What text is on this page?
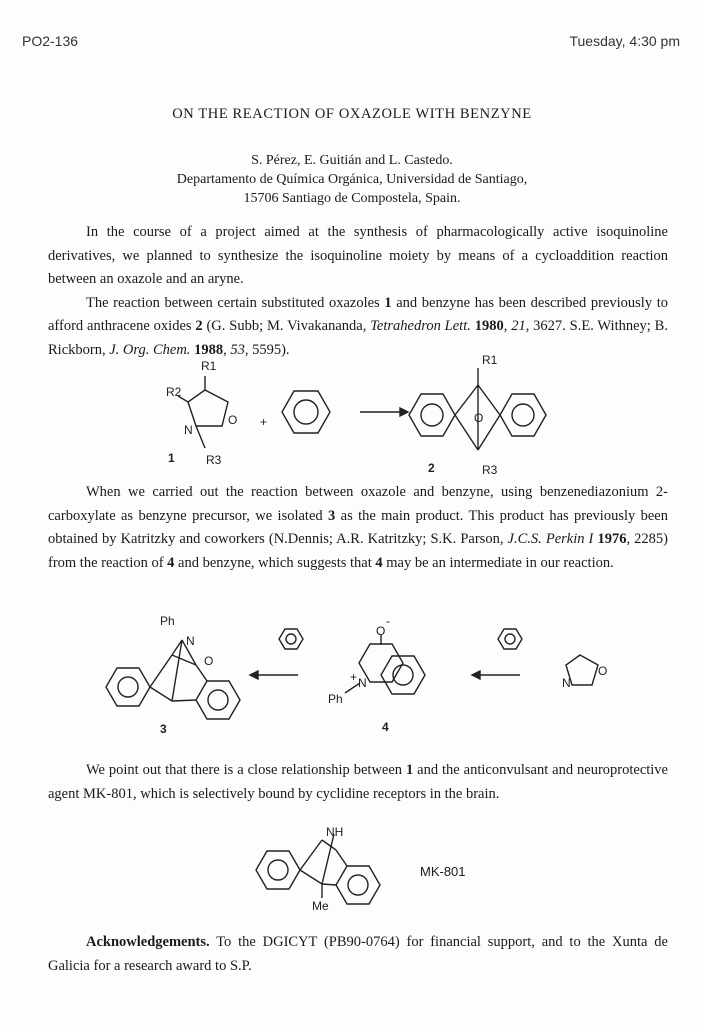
PO2-136	Tuesday, 4:30 pm
ON THE REACTION OF OXAZOLE WITH BENZYNE
S. Pérez, E. Guitián and L. Castedo.
Departamento de Química Orgánica, Universidad de Santiago,
15706 Santiago de Compostela, Spain.

In the course of a project aimed at the synthesis of pharmacologically active isoquinoline derivatives, we planned to synthesize the isoquinoline moiety by means of a cycloaddition reaction between an oxazole and an aryne.

The reaction between certain substituted oxazoles 1 and benzyne has been described previously to afford anthracene oxides 2 (G. Subb; M. Vivakananda, Tetrahedron Lett. 1980, 21, 3627. S.E. Withney; B. Rickborn, J. Org. Chem. 1988, 53, 5595).

R1
R2
N
O
R3
1
+
R1
O
R3
2

When we carried out the reaction between oxazole and benzyne, using benzenediazonium 2-carboxylate as benzyne precursor, we isolated 3 as the main product. This product has previously been obtained by Katritzky and coworkers (N.Dennis; A.R. Katritzky; S.K. Parson, J.C.S. Perkin I 1976, 2285) from the reaction of 4 and benzyne, which suggests that 4 may be an intermediate in our reaction.

Ph
N
O
3
O
-
N
+
Ph
4
N
O

We point out that there is a close relationship between 1 and the anticonvulsant and neuroprotective agent MK-801, which is selectively bound by cyclidine receptors in the brain.

NH
Me
MK-801

Acknowledgements. To the DGICYT (PB90-0764) for financial support, and to the Xunta de Galicia for a research award to S.P.
